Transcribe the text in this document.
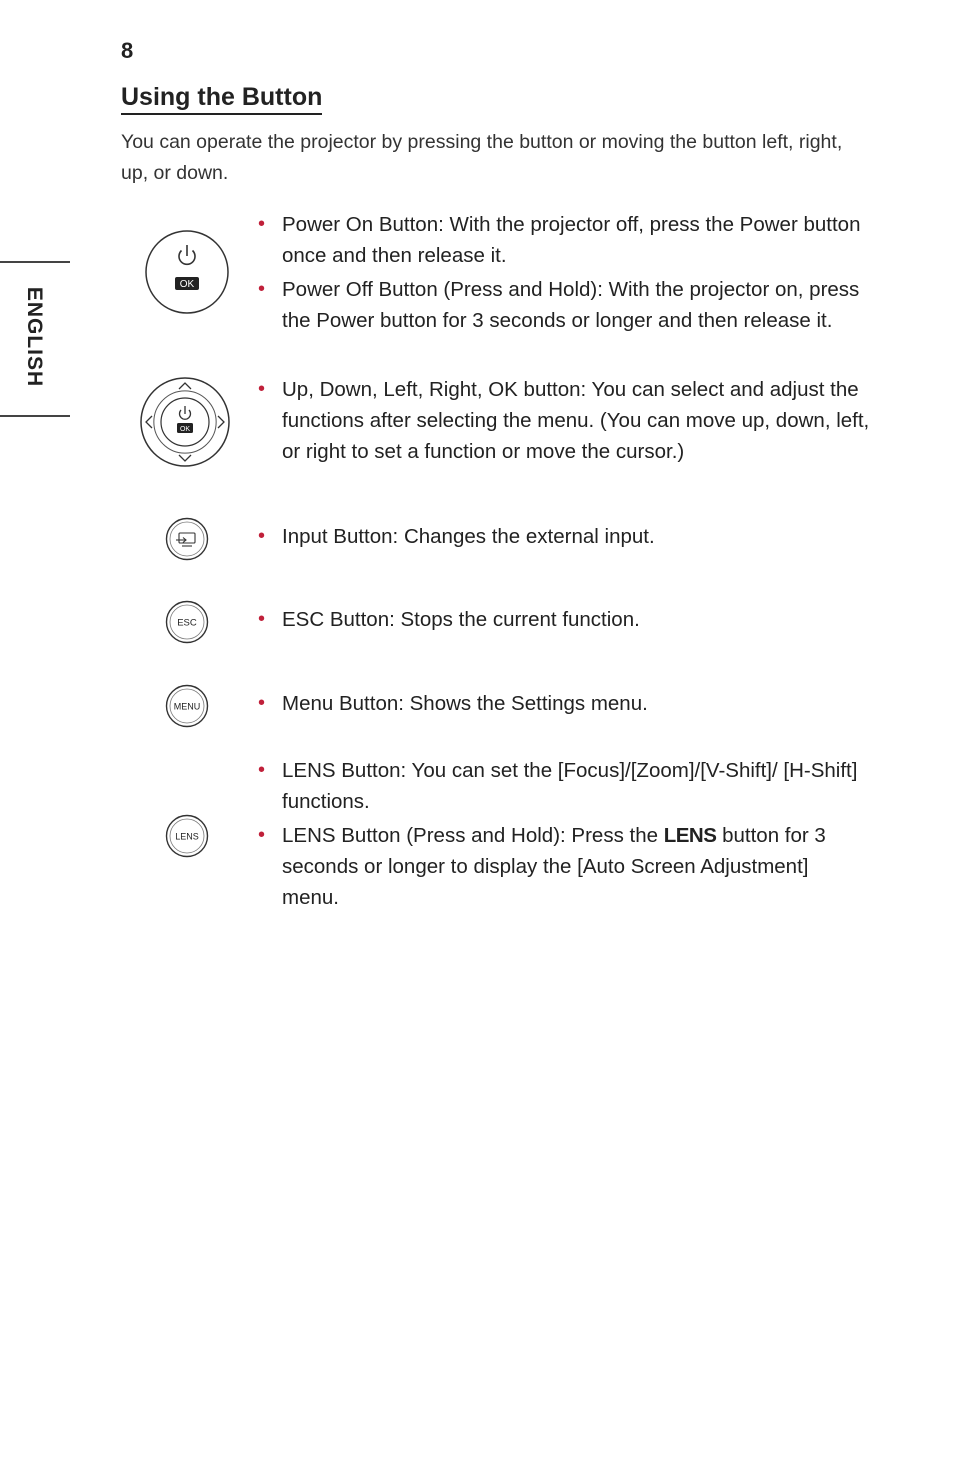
8
Using the Button

You can operate the projector by pressing the button or moving the button left, right, up, or down.

ENGLISH
OK
OK
ESC
MENU
LENS
• Power On Button: With the projector off, press the Power button once and then release it.
• Power Off Button (Press and Hold): With the projector on, press the Power button for 3 seconds or longer and then release it.
• Up, Down, Left, Right, OK button: You can select and adjust the functions after selecting the menu. (You can move up, down, left, or right to set a function or move the cursor.)
• Input Button: Changes the external input.
• ESC Button: Stops the current function.
• Menu Button: Shows the Settings menu.
• LENS Button: You can set the [Focus]/[Zoom]/[V-Shift]/ [H-Shift] functions.
• LENS Button (Press and Hold): Press the LENS button for 3 seconds or longer to display the [Auto Screen Adjustment] menu.
